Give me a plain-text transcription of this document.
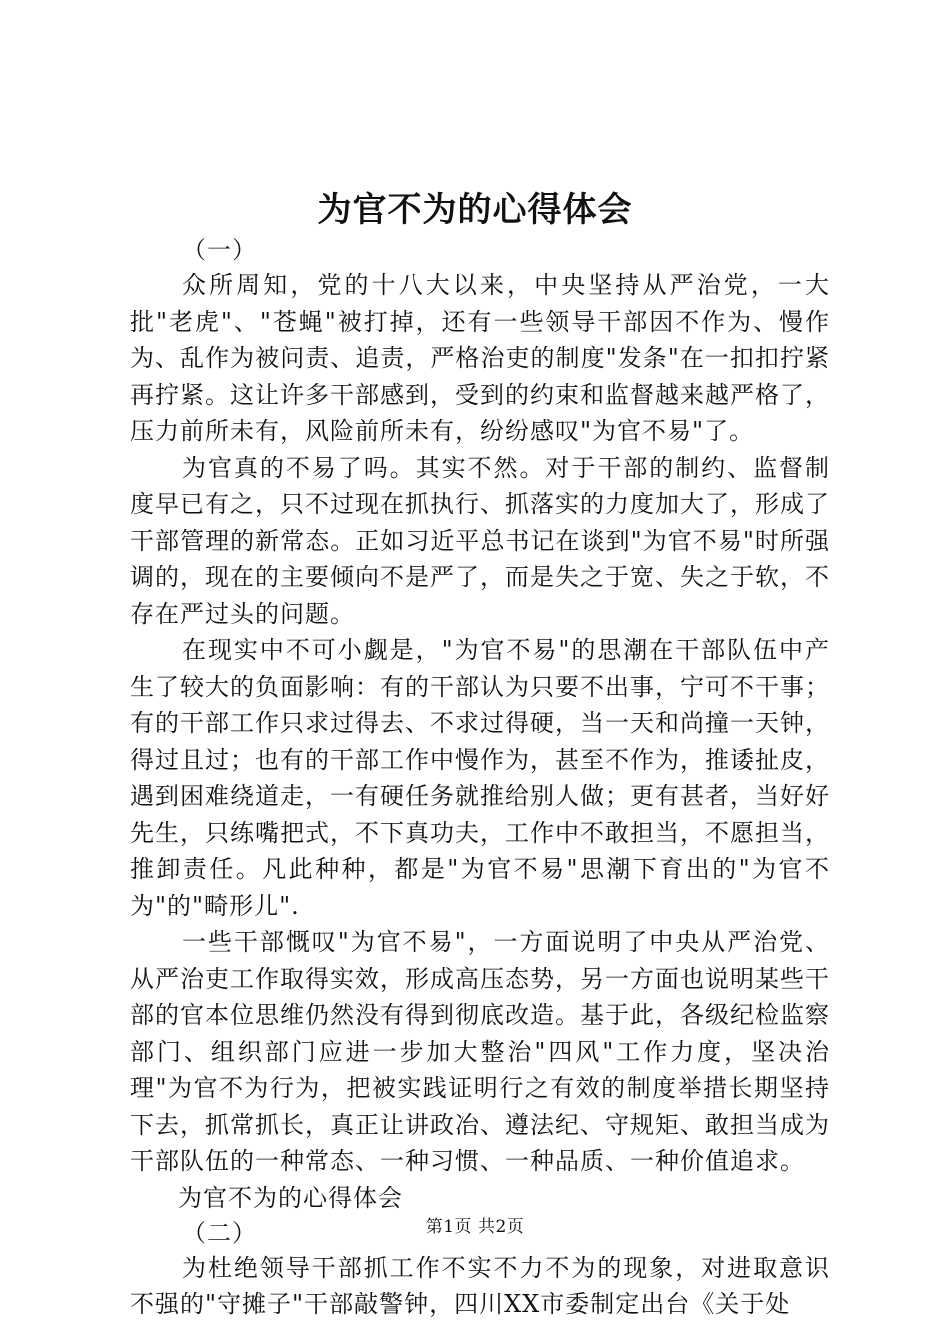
为官不为的心得体会

（一）

众所周知，党的十八大以来，中央坚持从严治党，一大批"老虎"、"苍蝇"被打掉，还有一些领导干部因不作为、慢作为、乱作为被问责、追责，严格治吏的制度"发条"在一扣扣拧紧再拧紧。这让许多干部感到，受到的约束和监督越来越严格了，压力前所未有，风险前所未有，纷纷感叹"为官不易"了。

为官真的不易了吗。其实不然。对于干部的制约、监督制度早已有之，只不过现在抓执行、抓落实的力度加大了，形成了干部管理的新常态。正如习近平总书记在谈到"为官不易"时所强调的，现在的主要倾向不是严了，而是失之于宽、失之于软，不存在严过头的问题。

在现实中不可小觑是，"为官不易"的思潮在干部队伍中产生了较大的负面影响：有的干部认为只要不出事，宁可不干事；有的干部工作只求过得去、不求过得硬，当一天和尚撞一天钟，得过且过；也有的干部工作中慢作为，甚至不作为，推诿扯皮，遇到困难绕道走，一有硬任务就推给别人做；更有甚者，当好好先生，只练嘴把式，不下真功夫，工作中不敢担当，不愿担当，推卸责任。凡此种种，都是"为官不易"思潮下育出的"为官不为"的"畸形儿".

一些干部慨叹"为官不易"，一方面说明了中央从严治党、从严治吏工作取得实效，形成高压态势，另一方面也说明某些干部的官本位思维仍然没有得到彻底改造。基于此，各级纪检监察部门、组织部门应进一步加大整治"四风"工作力度，坚决治理"为官不为行为，把被实践证明行之有效的制度举措长期坚持下去，抓常抓长，真正让讲政冶、遵法纪、守规矩、敢担当成为干部队伍的一种常态、一种习惯、一种品质、一种价值追求。

为官不为的心得体会

（二）

为杜绝领导干部抓工作不实不力不为的现象，对进取意识不强的"守摊子"干部敲警钟，四川XX市委制定出台《关于处

第1页 共2页
